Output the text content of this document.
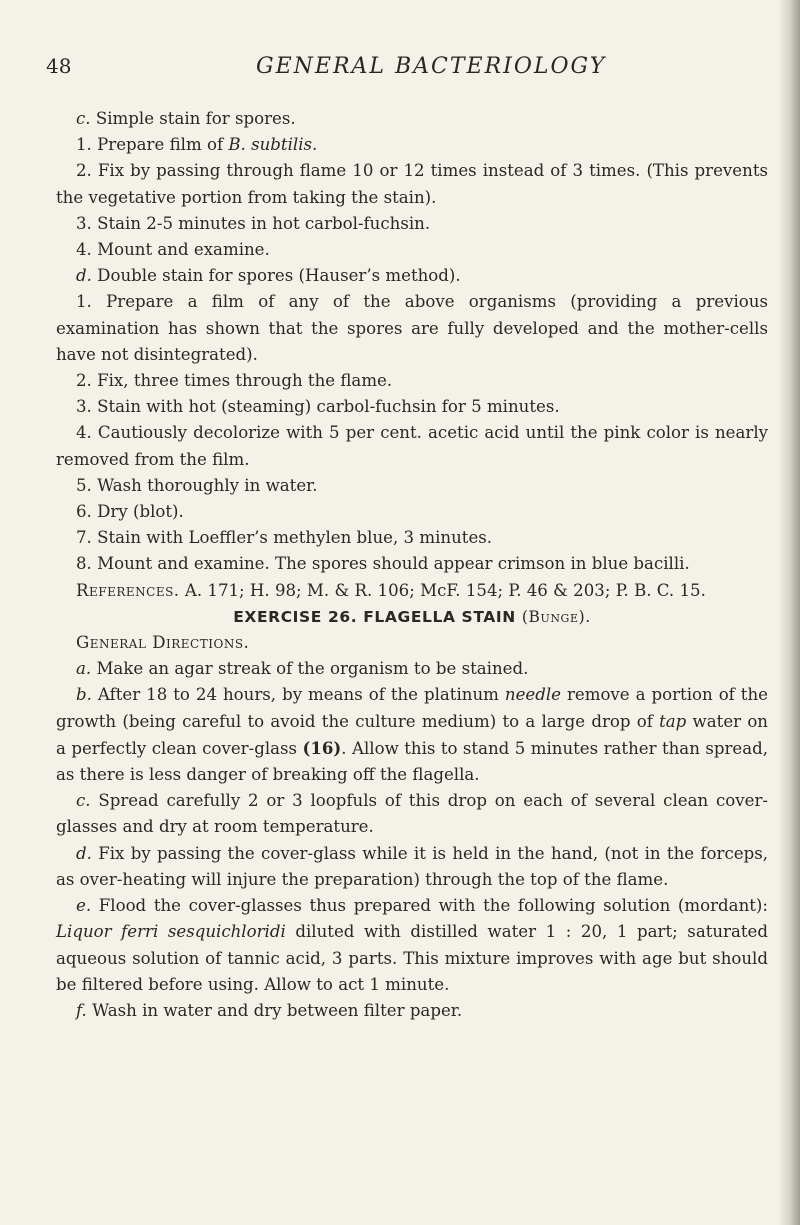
48	GENERAL BACTERIOLOGY

c. Simple stain for spores.

1. Prepare film of B. subtilis.

2. Fix by passing through flame 10 or 12 times instead of 3 times. (This prevents the vegetative portion from taking the stain).

3. Stain 2-5 minutes in hot carbol-fuchsin.

4. Mount and examine.

d. Double stain for spores (Hauser’s method).

1. Prepare a film of any of the above organisms (providing a previous examination has shown that the spores are fully developed and the mother-cells have not disintegrated).

2. Fix, three times through the flame.

3. Stain with hot (steaming) carbol-fuchsin for 5 minutes.

4. Cautiously decolorize with 5 per cent. acetic acid until the pink color is nearly removed from the film.

5. Wash thoroughly in water.

6. Dry (blot).

7. Stain with Loeffler’s methylen blue, 3 minutes.

8. Mount and examine. The spores should appear crimson in blue bacilli.

References. A. 171; H. 98; M. & R. 106; McF. 154; P. 46 & 203; P. B. C. 15.

EXERCISE 26. FLAGELLA STAIN (Bunge).

General Directions.

a. Make an agar streak of the organism to be stained.

b. After 18 to 24 hours, by means of the platinum needle remove a portion of the growth (being careful to avoid the culture medium) to a large drop of tap water on a perfectly clean cover-glass (16). Allow this to stand 5 minutes rather than spread, as there is less danger of breaking off the flagella.

c. Spread carefully 2 or 3 loopfuls of this drop on each of several clean cover-glasses and dry at room temperature.

d. Fix by passing the cover-glass while it is held in the hand, (not in the forceps, as over-heating will injure the preparation) through the top of the flame.

e. Flood the cover-glasses thus prepared with the following solution (mordant): Liquor ferri sesquichloridi diluted with distilled water 1 : 20, 1 part; saturated aqueous solution of tannic acid, 3 parts. This mixture improves with age but should be filtered before using. Allow to act 1 minute.

f. Wash in water and dry between filter paper.
